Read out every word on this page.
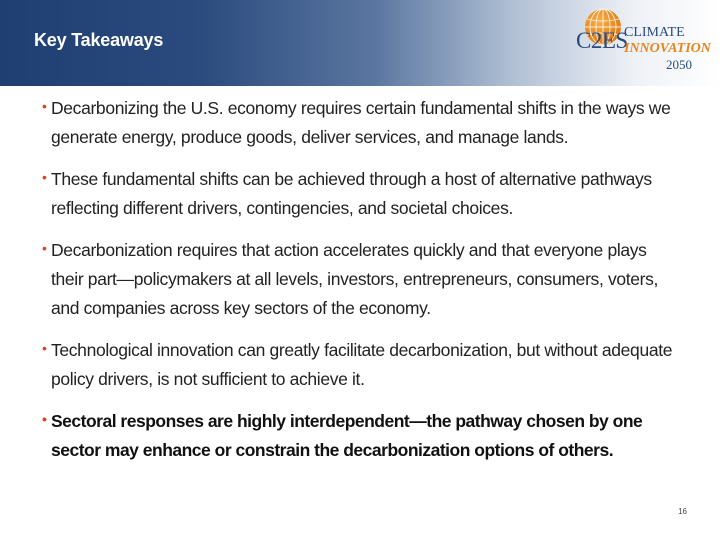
Key Takeaways	C2ES
CLIMATE
INNOVATION
2050
• Decarbonizing the U.S. economy requires certain fundamental shifts in the ways we generate energy, produce goods, deliver services, and manage lands.
• These fundamental shifts can be achieved through a host of alternative pathways reflecting different drivers, contingencies, and societal choices.
• Decarbonization requires that action accelerates quickly and that everyone plays their part—policymakers at all levels, investors, entrepreneurs, consumers, voters, and companies across key sectors of the economy.
• Technological innovation can greatly facilitate decarbonization, but without adequate policy drivers, is not sufficient to achieve it.
• Sectoral responses are highly interdependent—the pathway chosen by one sector may enhance or constrain the decarbonization options of others.
16
